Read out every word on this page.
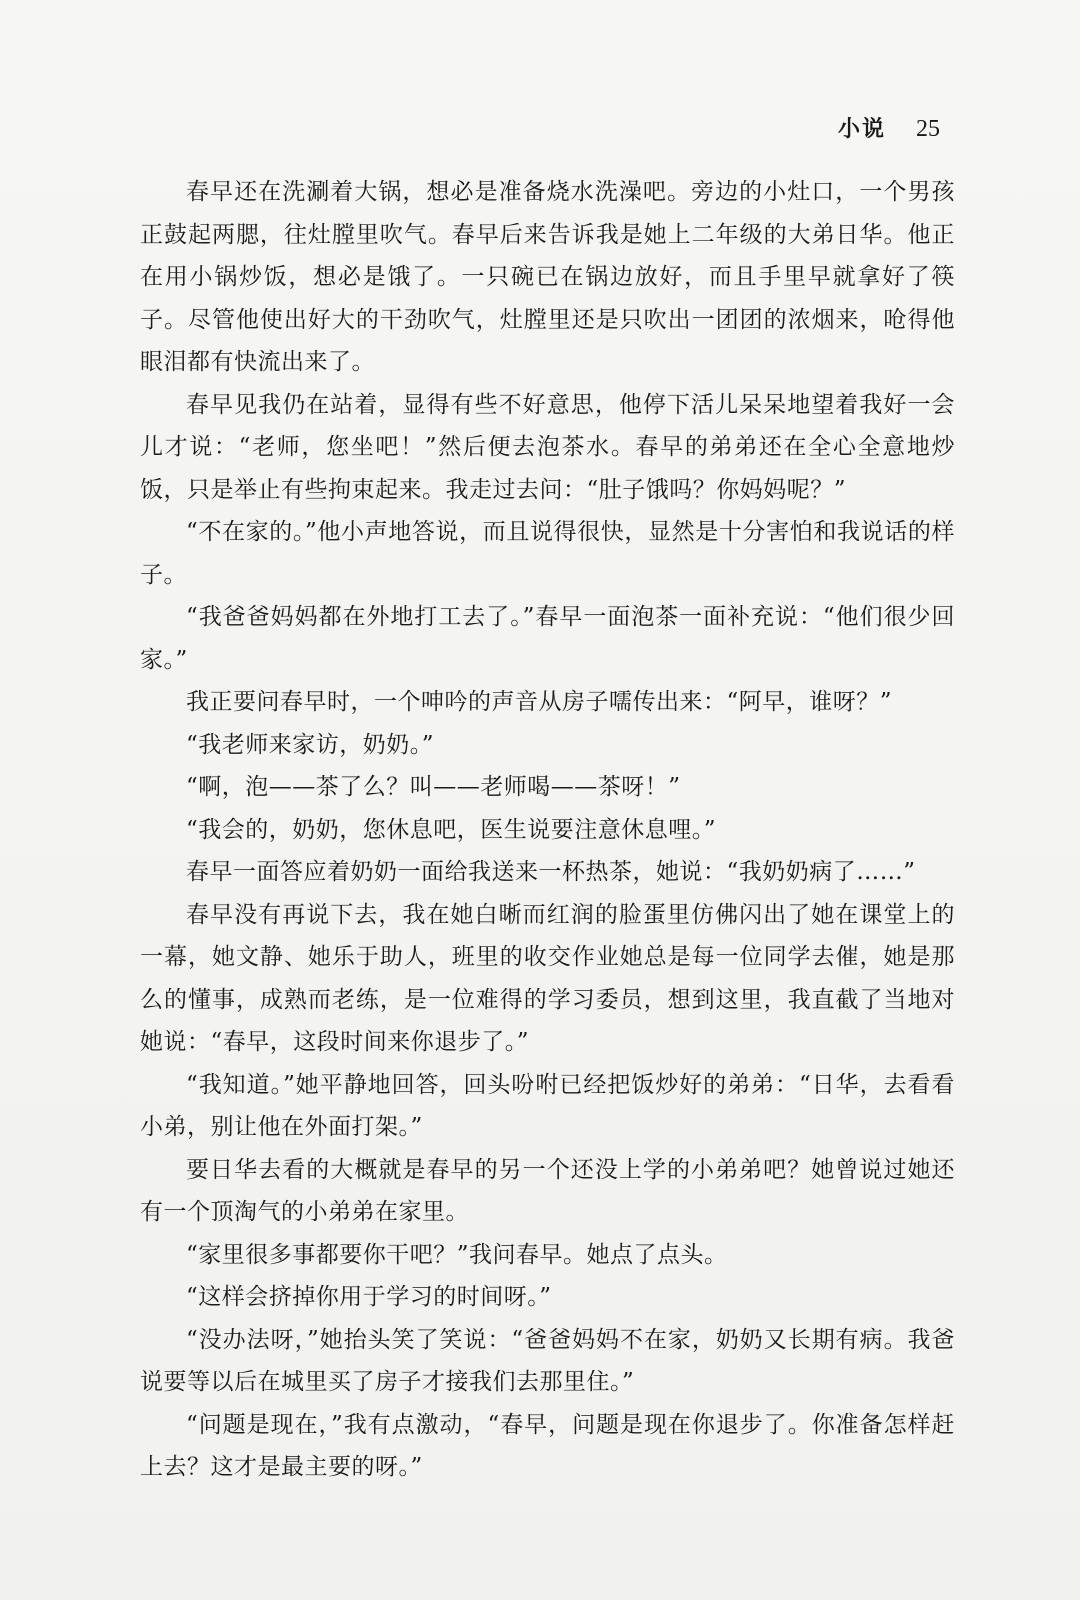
小说 25

春早还在洗涮着大锅，想必是准备烧水洗澡吧。旁边的小灶口，一个男孩正鼓起两腮，往灶膛里吹气。春早后来告诉我是她上二年级的大弟日华。他正在用小锅炒饭，想必是饿了。一只碗已在锅边放好，而且手里早就拿好了筷子。尽管他使出好大的干劲吹气，灶膛里还是只吹出一团团的浓烟来，呛得他眼泪都有快流出来了。

春早见我仍在站着，显得有些不好意思，他停下活儿呆呆地望着我好一会儿才说：“老师，您坐吧！”然后便去泡茶水。春早的弟弟还在全心全意地炒饭，只是举止有些拘束起来。我走过去问：“肚子饿吗？你妈妈呢？”

“不在家的。”他小声地答说，而且说得很快，显然是十分害怕和我说话的样子。

“我爸爸妈妈都在外地打工去了。”春早一面泡茶一面补充说：“他们很少回家。”

我正要问春早时，一个呻吟的声音从房子嚅传出来：“阿早，谁呀？”

“我老师来家访，奶奶。”

“啊，泡——茶了么？叫——老师喝——茶呀！”

“我会的，奶奶，您休息吧，医生说要注意休息哩。”

春早一面答应着奶奶一面给我送来一杯热茶，她说：“我奶奶病了……”

春早没有再说下去，我在她白晰而红润的脸蛋里仿佛闪出了她在课堂上的一幕，她文静、她乐于助人，班里的收交作业她总是每一位同学去催，她是那么的懂事，成熟而老练，是一位难得的学习委员，想到这里，我直截了当地对她说：“春早，这段时间来你退步了。”

“我知道。”她平静地回答，回头吩咐已经把饭炒好的弟弟：“日华，去看看小弟，别让他在外面打架。”

要日华去看的大概就是春早的另一个还没上学的小弟弟吧？她曾说过她还有一个顶淘气的小弟弟在家里。

“家里很多事都要你干吧？”我问春早。她点了点头。

“这样会挤掉你用于学习的时间呀。”

“没办法呀，”她抬头笑了笑说：“爸爸妈妈不在家，奶奶又长期有病。我爸说要等以后在城里买了房子才接我们去那里住。”

“问题是现在，”我有点激动，“春早，问题是现在你退步了。你准备怎样赶上去？这才是最主要的呀。”
